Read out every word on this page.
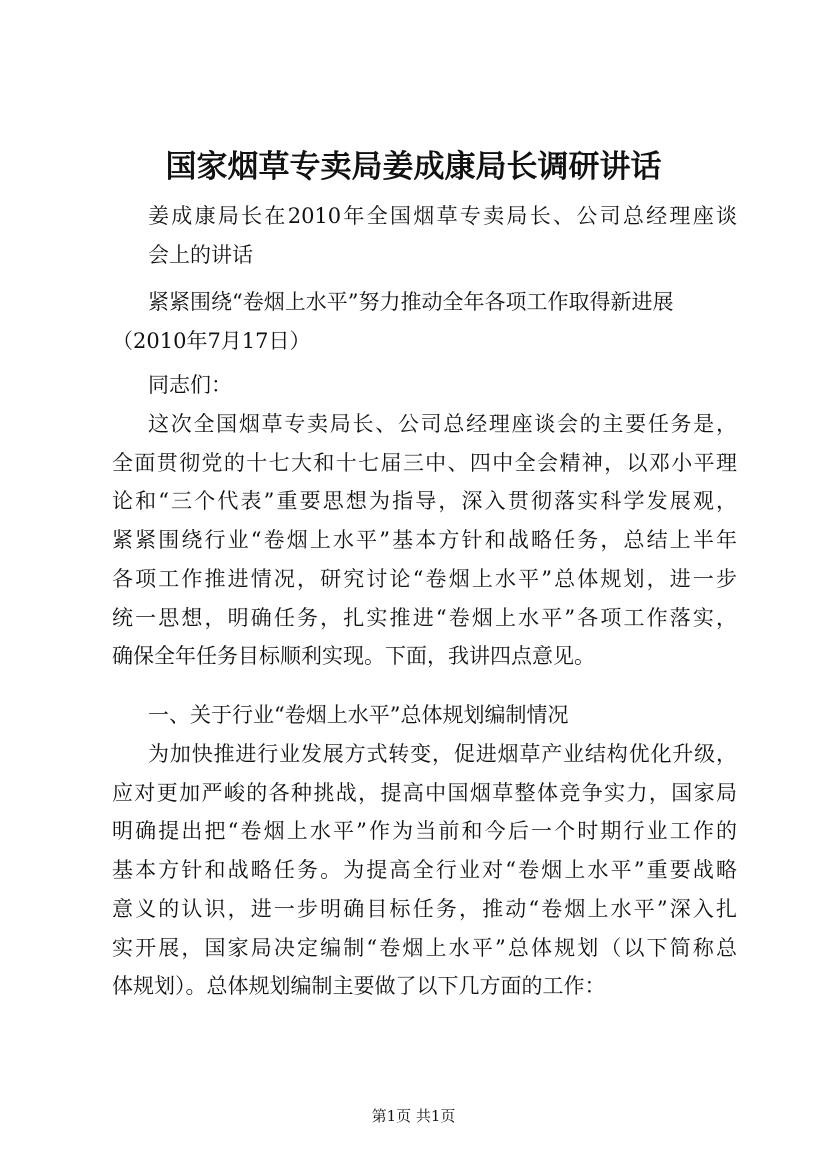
国家烟草专卖局姜成康局长调研讲话

姜成康局长在2010年全国烟草专卖局长、公司总经理座谈
会上的讲话

紧紧围绕“卷烟上水平”努力推动全年各项工作取得新进展

（2010年7月17日）

同志们：

这次全国烟草专卖局长、公司总经理座谈会的主要任务是，
全面贯彻党的十七大和十七届三中、四中全会精神，以邓小平理
论和“三个代表”重要思想为指导，深入贯彻落实科学发展观，
紧紧围绕行业“卷烟上水平”基本方针和战略任务，总结上半年
各项工作推进情况，研究讨论“卷烟上水平”总体规划，进一步
统一思想，明确任务，扎实推进“卷烟上水平”各项工作落实，
确保全年任务目标顺利实现。下面，我讲四点意见。

一、关于行业“卷烟上水平”总体规划编制情况

为加快推进行业发展方式转变，促进烟草产业结构优化升级，
应对更加严峻的各种挑战，提高中国烟草整体竞争实力，国家局
明确提出把“卷烟上水平”作为当前和今后一个时期行业工作的
基本方针和战略任务。为提高全行业对“卷烟上水平”重要战略
意义的认识，进一步明确目标任务，推动“卷烟上水平”深入扎
实开展，国家局决定编制“卷烟上水平”总体规划（以下简称总
体规划）。总体规划编制主要做了以下几方面的工作：

第1页 共1页
